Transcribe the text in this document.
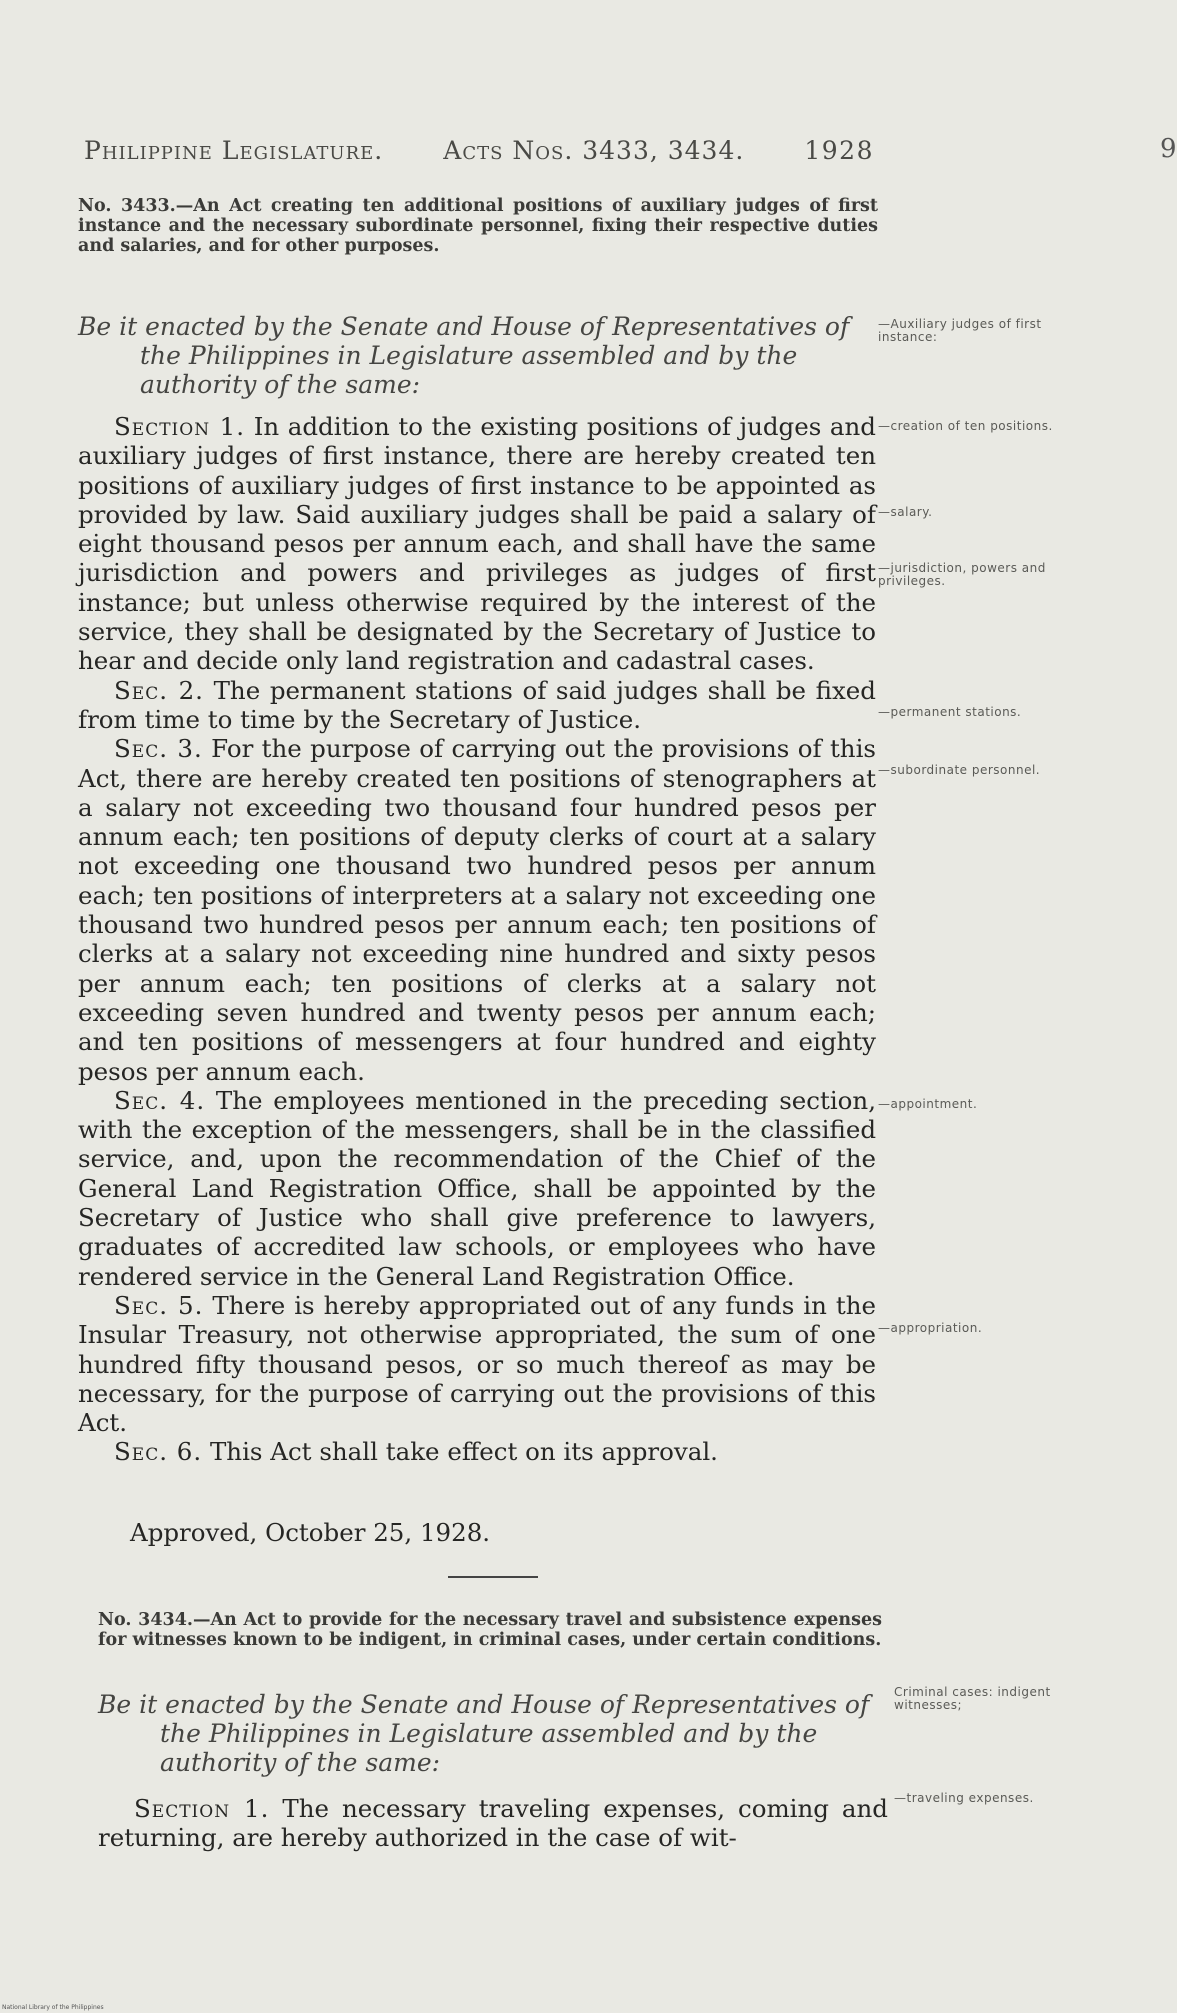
Philippine Legislature. Acts Nos. 3433, 3434. 1928	9
No. 3433.—An Act creating ten additional positions of auxiliary judges of first instance and the necessary subordinate personnel, fixing their respective duties and salaries, and for other purposes.
Be it enacted by the Senate and House of Representatives of
the Philippines in Legislature assembled and by the
authority of the same:

Section 1. In addition to the existing positions of judges and auxiliary judges of first instance, there are hereby created ten positions of auxiliary judges of first instance to be appointed as provided by law. Said auxiliary judges shall be paid a salary of eight thousand pesos per annum each, and shall have the same jurisdiction and powers and privileges as judges of first instance; but unless otherwise required by the interest of the service, they shall be designated by the Secretary of Justice to hear and decide only land registration and cadastral cases.

Sec. 2. The permanent stations of said judges shall be fixed from time to time by the Secretary of Justice.

Sec. 3. For the purpose of carrying out the provisions of this Act, there are hereby created ten positions of stenographers at a salary not exceeding two thousand four hundred pesos per annum each; ten positions of deputy clerks of court at a salary not exceeding one thousand two hundred pesos per annum each; ten positions of interpreters at a salary not exceeding one thousand two hundred pesos per annum each; ten positions of clerks at a salary not exceeding nine hundred and sixty pesos per annum each; ten positions of clerks at a salary not exceeding seven hundred and twenty pesos per annum each; and ten positions of messengers at four hundred and eighty pesos per annum each.

Sec. 4. The employees mentioned in the preceding section, with the exception of the messengers, shall be in the classified service, and, upon the recommendation of the Chief of the General Land Registration Office, shall be appointed by the Secretary of Justice who shall give preference to lawyers, graduates of accredited law schools, or employees who have rendered service in the General Land Registration Office.

Sec. 5. There is hereby appropriated out of any funds in the Insular Treasury, not otherwise appropriated, the sum of one hundred fifty thousand pesos, or so much thereof as may be necessary, for the purpose of carrying out the provisions of this Act.

Sec. 6. This Act shall take effect on its approval.

Approved, October 25, 1928.
—Auxiliary judges of first instance:
—creation of ten positions.
—salary.
—jurisdiction, powers and privileges.
—permanent stations.
—subordinate personnel.
—appointment.
—appropriation.
Criminal cases: indigent witnesses;
—traveling expenses.
No. 3434.—An Act to provide for the necessary travel and subsistence expenses for witnesses known to be indigent, in criminal cases, under certain conditions.
Be it enacted by the Senate and House of Representatives of
the Philippines in Legislature assembled and by the
authority of the same:

Section 1. The necessary traveling expenses, coming and returning, are hereby authorized in the case of wit-

National Library of the Philippines
